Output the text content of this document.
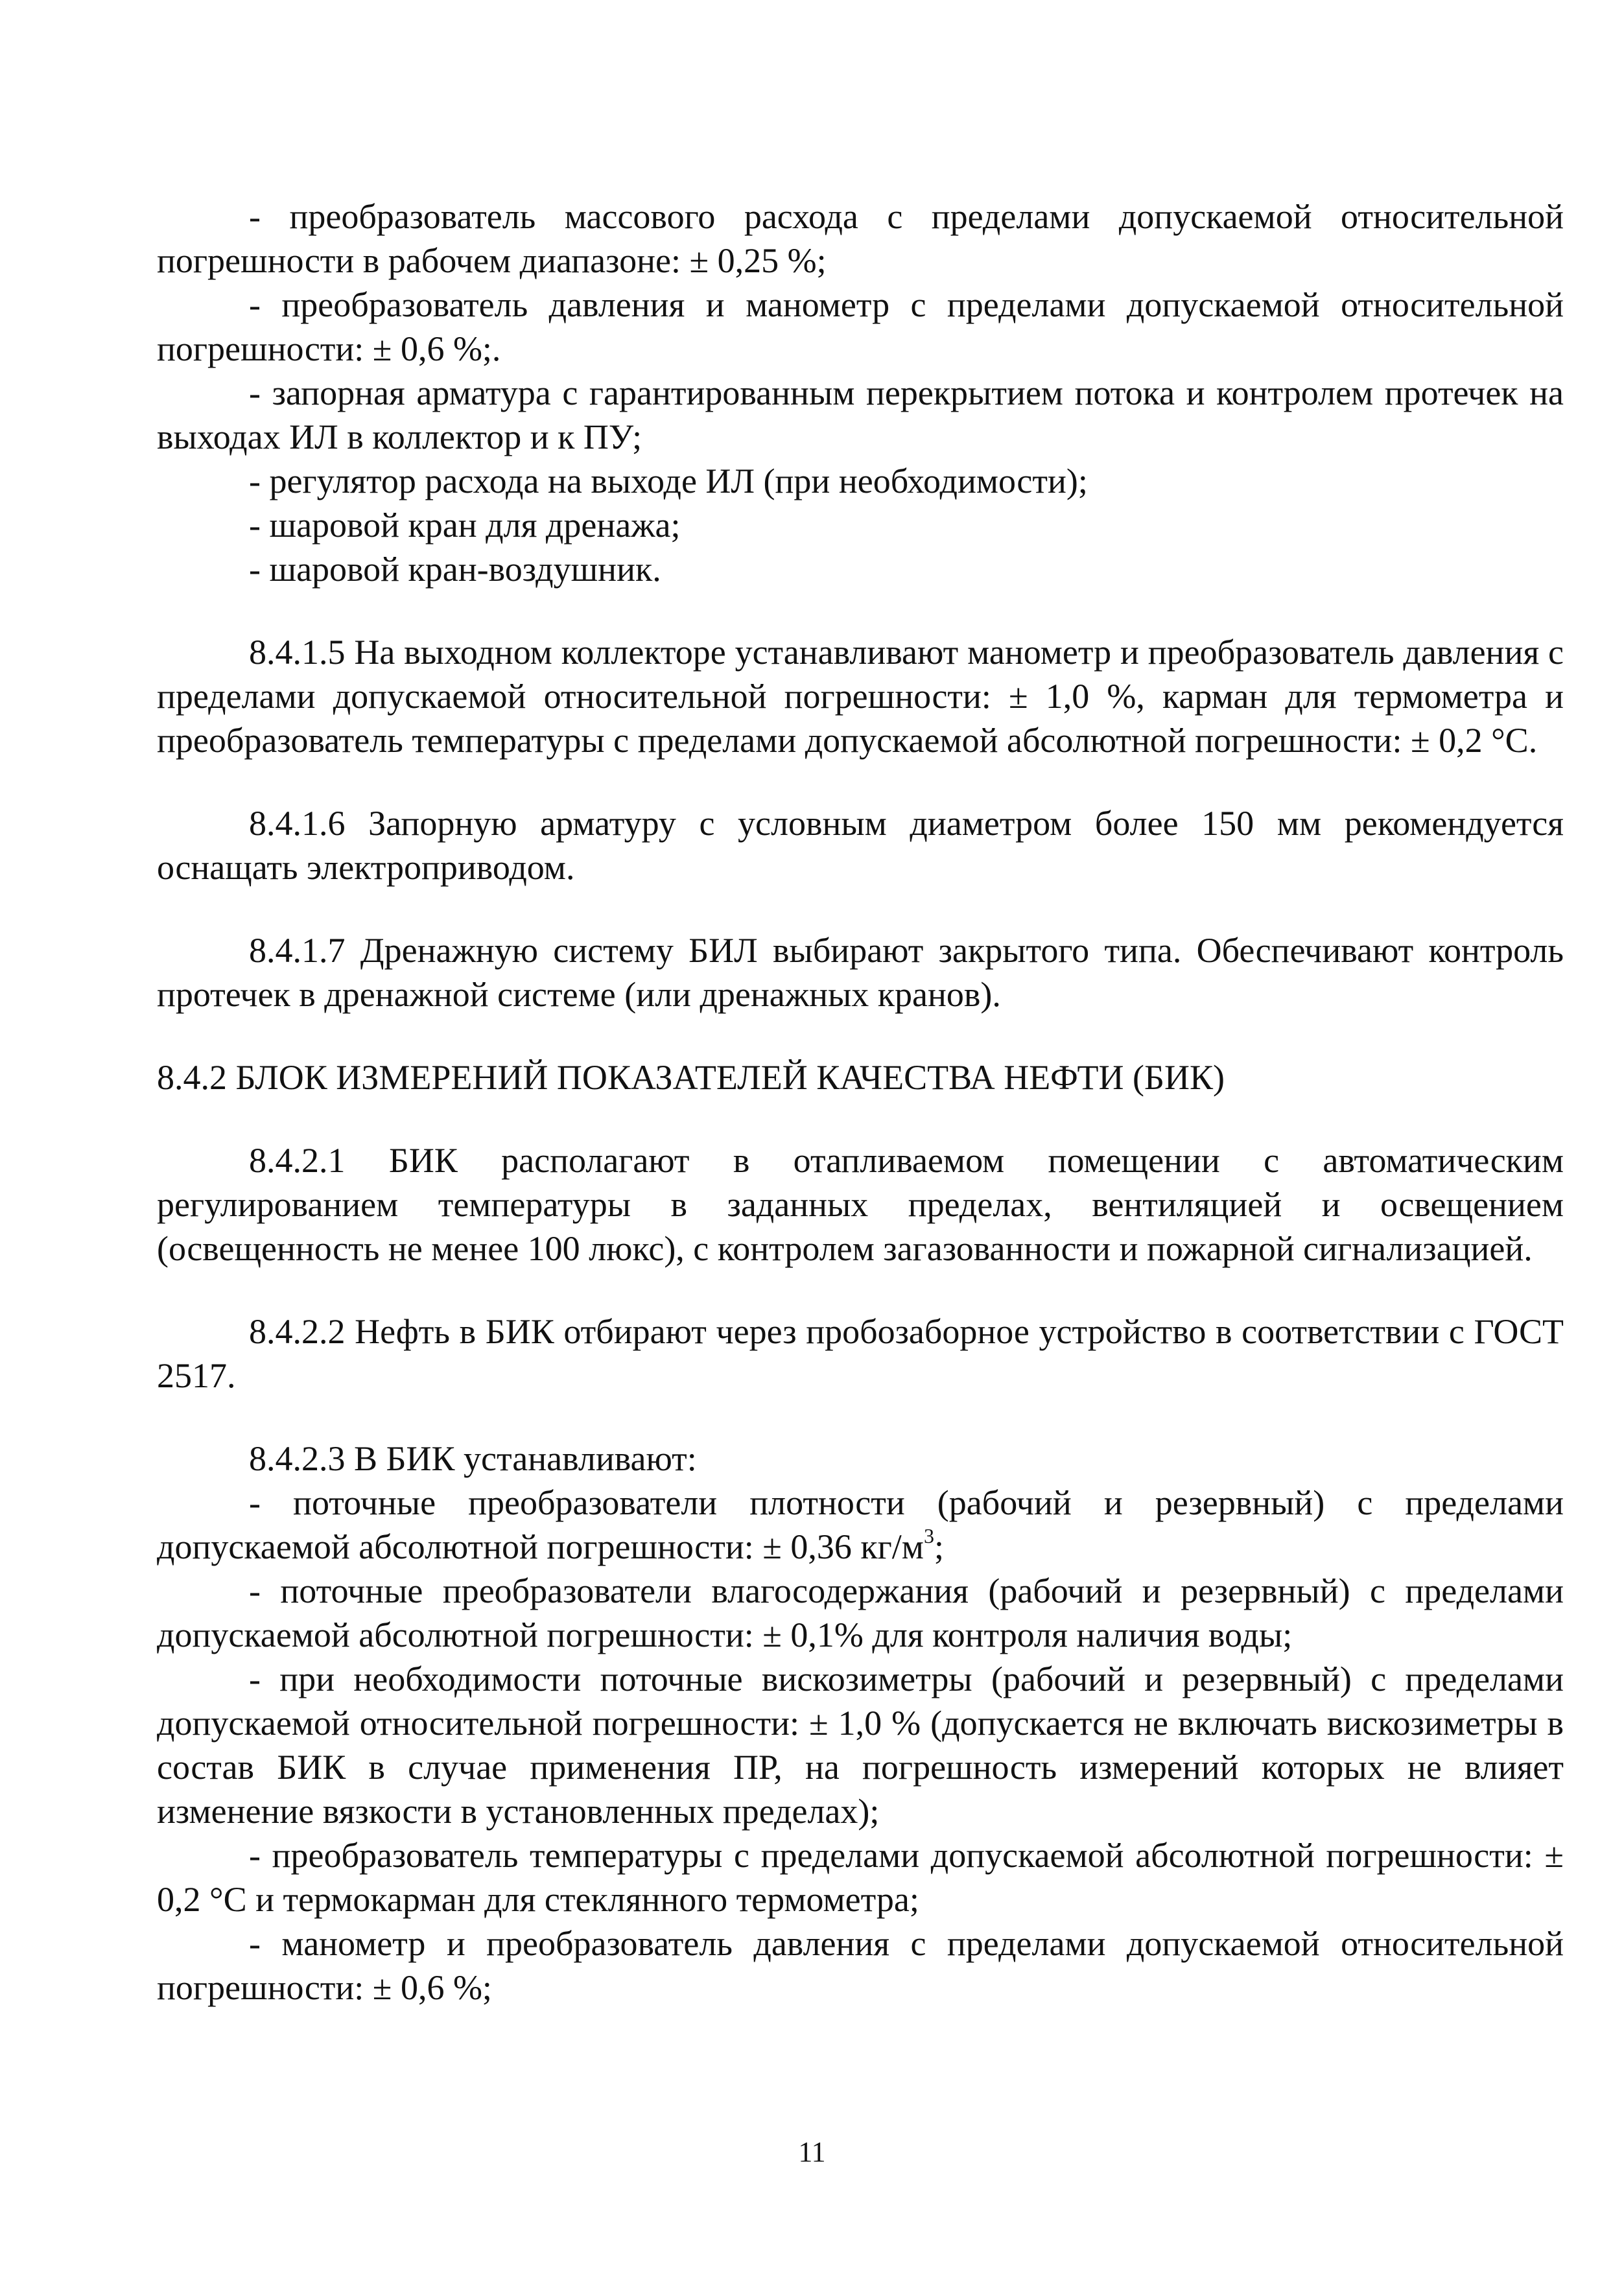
- преобразователь массового расхода с пределами допускаемой относительной погрешности в рабочем диапазоне: ± 0,25 %;

- преобразователь давления и манометр с пределами допускаемой относительной погрешности: ± 0,6 %;.

- запорная арматура с гарантированным перекрытием потока и контролем протечек на выходах ИЛ в коллектор и к ПУ;

- регулятор расхода на выходе ИЛ (при необходимости);

- шаровой кран для дренажа;

- шаровой кран-воздушник.

8.4.1.5 На выходном коллекторе устанавливают манометр и преобразователь давления с пределами допускаемой относительной погрешности: ± 1,0 %, карман для термометра и преобразователь температуры с пределами допускаемой абсолютной погрешности: ± 0,2 °С.

8.4.1.6 Запорную арматуру с условным диаметром более 150 мм рекомендуется оснащать электроприводом.

8.4.1.7 Дренажную систему БИЛ выбирают закрытого типа. Обеспечивают контроль протечек в дренажной системе (или дренажных кранов).

8.4.2 БЛОК ИЗМЕРЕНИЙ ПОКАЗАТЕЛЕЙ КАЧЕСТВА НЕФТИ (БИК)

8.4.2.1 БИК располагают в отапливаемом помещении с автоматическим регулированием температуры в заданных пределах, вентиляцией и освещением (освещенность не менее 100 люкс), с контролем загазованности и пожарной сигнализацией.

8.4.2.2 Нефть в БИК отбирают через пробозаборное устройство в соответствии с ГОСТ 2517.

8.4.2.3 В БИК устанавливают:

- поточные преобразователи плотности (рабочий и резервный) с пределами допускаемой абсолютной погрешности: ± 0,36 $кг/м^3$;

- поточные преобразователи влагосодержания (рабочий и резервный) с пределами допускаемой абсолютной погрешности: ± 0,1% для контроля наличия воды;

- при необходимости поточные вискозиметры (рабочий и резервный) с пределами допускаемой относительной погрешности: ± 1,0 % (допускается не включать вискозиметры в состав БИК в случае применения ПР, на погрешность измерений которых не влияет изменение вязкости в установленных пределах);

- преобразователь температуры с пределами допускаемой абсолютной погрешности: ± 0,2 °С и термокарман для стеклянного термометра;

- манометр и преобразователь давления с пределами допускаемой относительной погрешности: ± 0,6 %;

11
